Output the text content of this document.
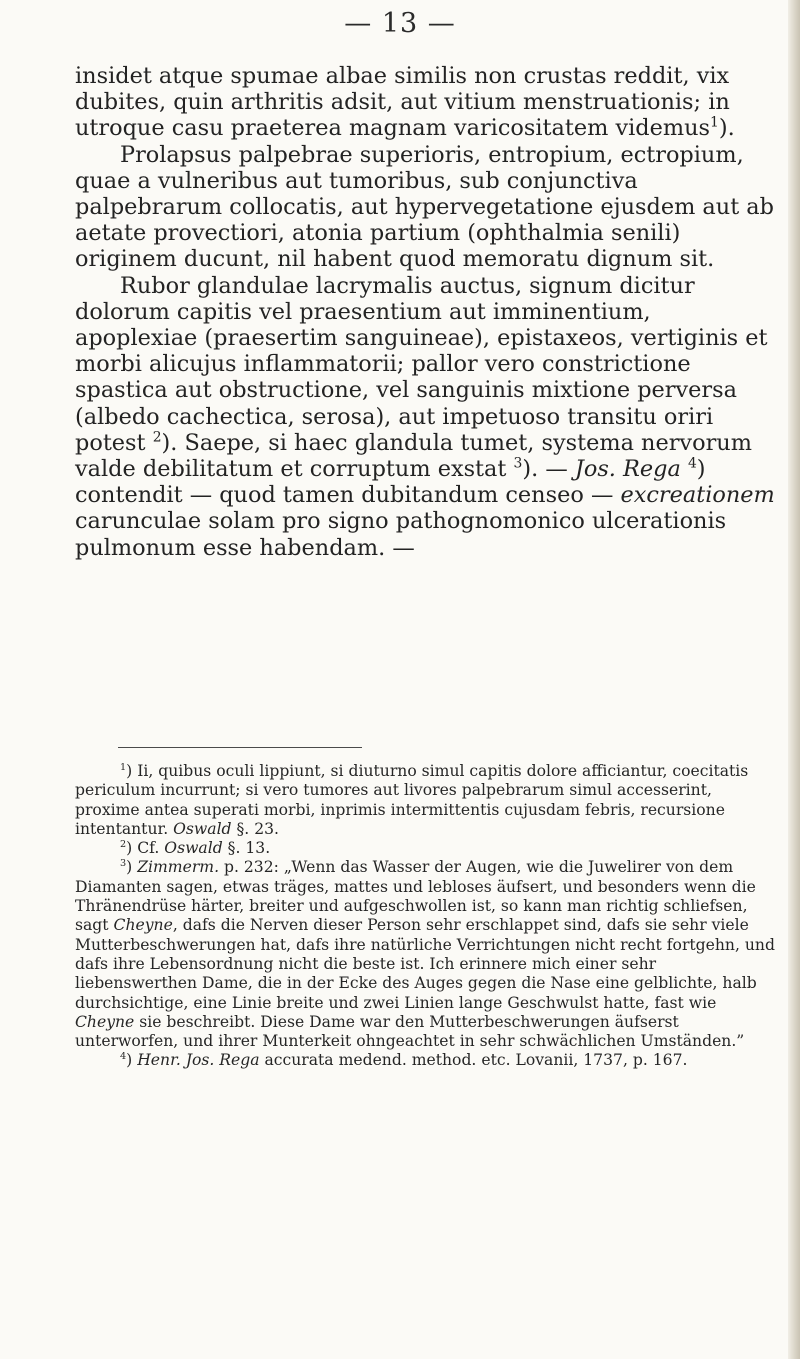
— 13 —

insidet atque spumae albae similis non crustas reddit, vix dubites, quin arthritis adsit, aut vitium menstruationis; in utroque casu praeterea magnam varicositatem videmus$^1$).

Prolapsus palpebrae superioris, entropium, ectropium, quae a vulneribus aut tumoribus, sub conjunctiva palpebrarum collocatis, aut hypervegetatione ejusdem aut ab aetate provectiori, atonia partium (ophthalmia senili) originem ducunt, nil habent quod memoratu dignum sit.

Rubor glandulae lacrymalis auctus, signum dicitur dolorum capitis vel praesentium aut imminentium, apoplexiae (praesertim sanguineae), epistaxeos, vertiginis et morbi alicujus inflammatorii; pallor vero constrictione spastica aut obstructione, vel sanguinis mixtione perversa (albedo cachectica, serosa), aut impetuoso transitu oriri potest $^2$). Saepe, si haec glandula tumet, systema nervorum valde debilitatum et corruptum exstat $^3$). — Jos. Rega $^4$) contendit — quod tamen dubitandum censeo — excreationem carunculae solam pro signo pathognomonico ulcerationis pulmonum esse habendam. —

$^1$) Ii, quibus oculi lippiunt, si diuturno simul capitis dolore afficiantur, coecitatis periculum incurrunt; si vero tumores aut livores palpebrarum simul accesserint, proxime antea superati morbi, inprimis intermittentis cujusdam febris, recursione intentantur. Oswald §. 23.

$^2$) Cf. Oswald §. 13.

$^3$) Zimmerm. p. 232: „Wenn das Wasser der Augen, wie die Juwelirer von dem Diamanten sagen, etwas träges, mattes und lebloses äufsert, und besonders wenn die Thränendrüse härter, breiter und aufgeschwollen ist, so kann man richtig schliefsen, sagt Cheyne, dafs die Nerven dieser Person sehr erschlappet sind, dafs sie sehr viele Mutterbeschwerungen hat, dafs ihre natürliche Verrichtungen nicht recht fortgehn, und dafs ihre Lebensordnung nicht die beste ist. Ich erinnere mich einer sehr liebenswerthen Dame, die in der Ecke des Auges gegen die Nase eine gelblichte, halb durchsichtige, eine Linie breite und zwei Linien lange Geschwulst hatte, fast wie Cheyne sie beschreibt. Diese Dame war den Mutterbeschwerungen äufserst unterworfen, und ihrer Munterkeit ohngeachtet in sehr schwächlichen Umständen.”

$^4$) Henr. Jos. Rega accurata medend. method. etc. Lovanii, 1737, p. 167.
